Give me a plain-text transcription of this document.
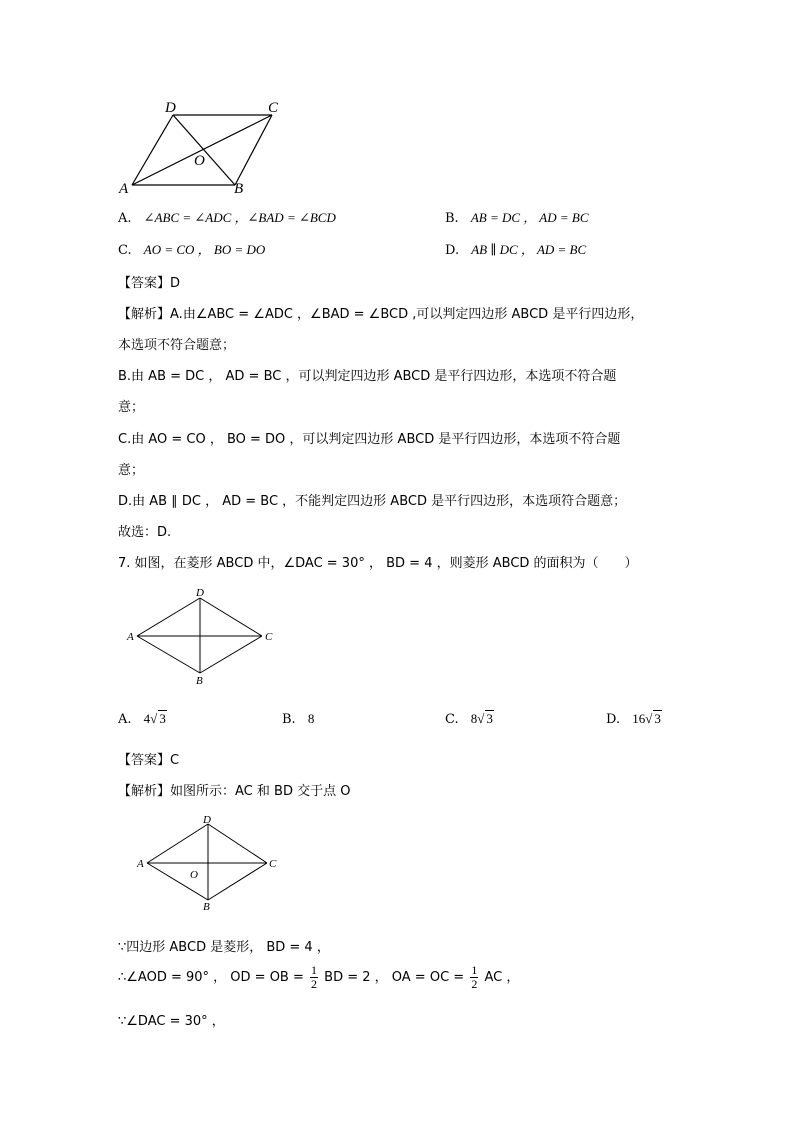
A	B
C
D
O
A. ∠ABC = ∠ADC ，∠BAD = ∠BCD	B. AB = DC ， AD = BC
C. AO = CO ， BO = DO	D. AB ∥ DC ， AD = BC
【答案】D
【解析】A.由∠ABC = ∠ADC ，∠BAD = ∠BCD ,可以判定四边形 ABCD 是平行四边形，
本选项不符合题意；
B.由 AB = DC ， AD = BC ，可以判定四边形 ABCD 是平行四边形，本选项不符合题
意；
C.由 AO = CO ， BO = DO ，可以判定四边形 ABCD 是平行四边形，本选项不符合题
意；
D.由 AB ∥ DC ， AD = BC ，不能判定四边形 ABCD 是平行四边形，本选项符合题意；
故选：D.
7. 如图，在菱形 ABCD 中，∠DAC = 30° ， BD = 4 ，则菱形 ABCD 的面积为（　　）
A
B
C
D
A. 4√ 3	B. 8	C. 8√ 3	D. 16√ 3
【答案】C
【解析】如图所示：AC 和 BD 交于点 O
A
B
C
D
O
∵四边形 ABCD 是菱形， BD = 4 ，
∴∠AOD = 90° ， OD = OB = $\frac{1}{2}$ BD = 2 ， OA = OC = $\frac{1}{2}$ AC ，
∵∠DAC = 30° ，
